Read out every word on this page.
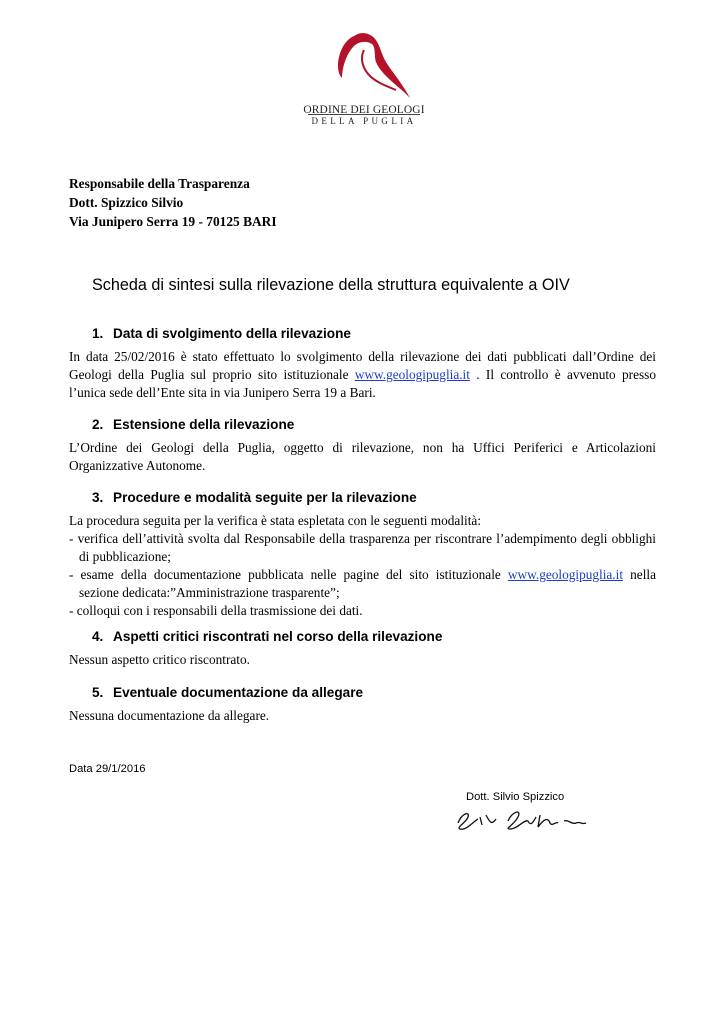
ORDINE DEI GEOLOGI
DELLA PUGLIA
Responsabile della Trasparenza
Dott. Spizzico Silvio
Via Junipero Serra 19 - 70125 BARI
Scheda di sintesi sulla rilevazione della struttura equivalente a OIV
1. Data di svolgimento della rilevazione

In data 25/02/2016 è stato effettuato lo svolgimento della rilevazione dei dati pubblicati dall’Ordine dei Geologi della Puglia sul proprio sito istituzionale www.geologipuglia.it . Il controllo è avvenuto presso l’unica sede dell’Ente sita in via Junipero Serra 19 a Bari.

2. Estensione della rilevazione

L’Ordine dei Geologi della Puglia, oggetto di rilevazione, non ha Uffici Periferici e Articolazioni Organizzative Autonome.

3. Procedure e modalità seguite per la rilevazione

La procedura seguita per la verifica è stata espletata con le seguenti modalità:

- verifica dell’attività svolta dal Responsabile della trasparenza per riscontrare l’adempimento degli obblighi di pubblicazione;

- esame della documentazione pubblicata nelle pagine del sito istituzionale www.geologipuglia.it nella sezione dedicata:”Amministrazione trasparente”;

- colloqui con i responsabili della trasmissione dei dati.

4. Aspetti critici riscontrati nel corso della rilevazione

Nessun aspetto critico riscontrato.

5. Eventuale documentazione da allegare

Nessuna documentazione da allegare.

Data 29/1/2016
Dott. Silvio Spizzico
